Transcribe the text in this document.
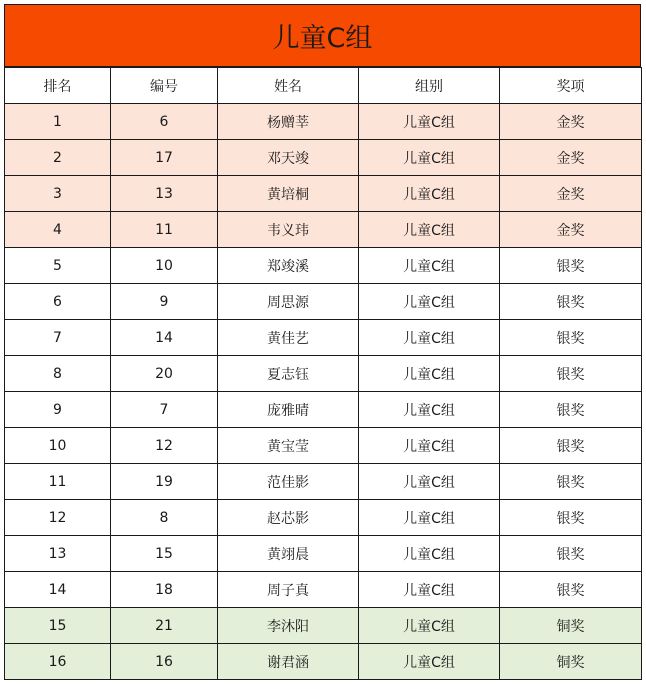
儿童C组
排名	编号	姓名	组别	奖项
1	6	杨赠莘	儿童C组	金奖
2	17	邓天竣	儿童C组	金奖
3	13	黄培桐	儿童C组	金奖
4	11	韦义玮	儿童C组	金奖
5	10	郑竣溪	儿童C组	银奖
6	9	周思源	儿童C组	银奖
7	14	黄佳艺	儿童C组	银奖
8	20	夏志钰	儿童C组	银奖
9	7	庞雅晴	儿童C组	银奖
10	12	黄宝莹	儿童C组	银奖
11	19	范佳影	儿童C组	银奖
12	8	赵芯影	儿童C组	银奖
13	15	黄翊晨	儿童C组	银奖
14	18	周子真	儿童C组	银奖
15	21	李沐阳	儿童C组	铜奖
16	16	谢君涵	儿童C组	铜奖
